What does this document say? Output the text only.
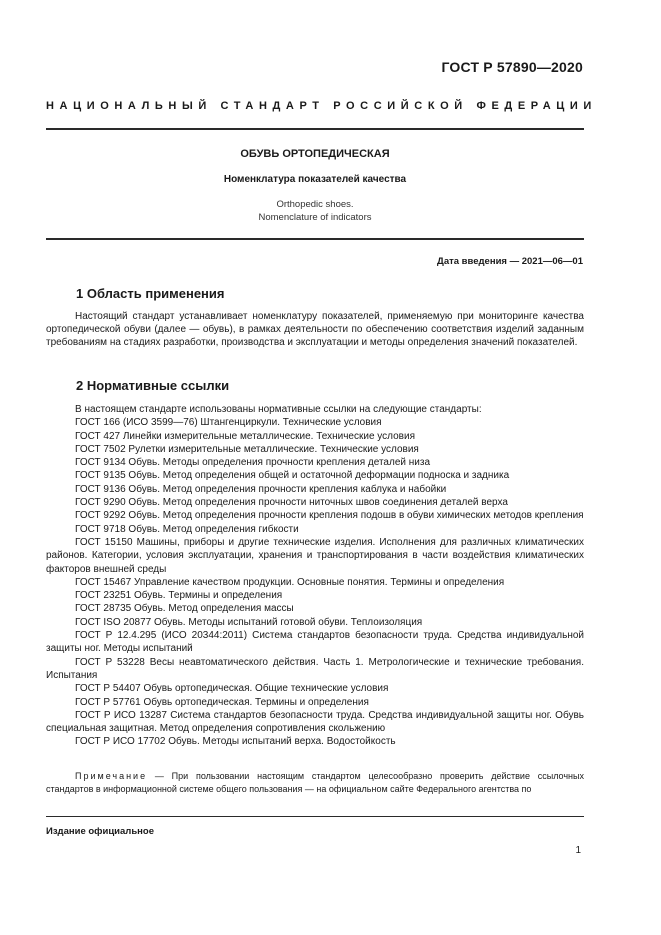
ГОСТ Р 57890—2020
НАЦИОНАЛЬНЫЙ СТАНДАРТ РОССИЙСКОЙ ФЕДЕРАЦИИ
ОБУВЬ ОРТОПЕДИЧЕСКАЯ
Номенклатура показателей качества
Orthopedic shoes.
Nomenclature of indicators
Дата введения — 2021—06—01
1 Область применения
Настоящий стандарт устанавливает номенклатуру показателей, применяемую при мониторинге качества ортопедической обуви (далее — обувь), в рамках деятельности по обеспечению соответствия изделий заданным требованиям на стадиях разработки, производства и эксплуатации и методы определения значений показателей.
2 Нормативные ссылки
В настоящем стандарте использованы нормативные ссылки на следующие стандарты:
ГОСТ 166 (ИСО 3599—76) Штангенциркули. Технические условия
ГОСТ 427 Линейки измерительные металлические. Технические условия
ГОСТ 7502 Рулетки измерительные металлические. Технические условия
ГОСТ 9134 Обувь. Методы определения прочности крепления деталей низа
ГОСТ 9135 Обувь. Метод определения общей и остаточной деформации подноска и задника
ГОСТ 9136 Обувь. Метод определения прочности крепления каблука и набойки
ГОСТ 9290 Обувь. Метод определения прочности ниточных швов соединения деталей верха
ГОСТ 9292 Обувь. Метод определения прочности крепления подошв в обуви химических методов крепления
ГОСТ 9718 Обувь. Метод определения гибкости
ГОСТ 15150 Машины, приборы и другие технические изделия. Исполнения для различных климатических районов. Категории, условия эксплуатации, хранения и транспортирования в части воздействия климатических факторов внешней среды
ГОСТ 15467 Управление качеством продукции. Основные понятия. Термины и определения
ГОСТ 23251 Обувь. Термины и определения
ГОСТ 28735 Обувь. Метод определения массы
ГОСТ ISO 20877 Обувь. Методы испытаний готовой обуви. Теплоизоляция
ГОСТ Р 12.4.295 (ИСО 20344:2011) Система стандартов безопасности труда. Средства индивидуальной защиты ног. Методы испытаний
ГОСТ Р 53228 Весы неавтоматического действия. Часть 1. Метрологические и технические требования. Испытания
ГОСТ Р 54407 Обувь ортопедическая. Общие технические условия
ГОСТ Р 57761 Обувь ортопедическая. Термины и определения
ГОСТ Р ИСО 13287 Система стандартов безопасности труда. Средства индивидуальной защиты ног. Обувь специальная защитная. Метод определения сопротивления скольжению
ГОСТ Р ИСО 17702 Обувь. Методы испытаний верха. Водостойкость
Примечание — При пользовании настоящим стандартом целесообразно проверить действие ссылочных стандартов в информационной системе общего пользования — на официальном сайте Федерального агентства по
Издание официальное
1
